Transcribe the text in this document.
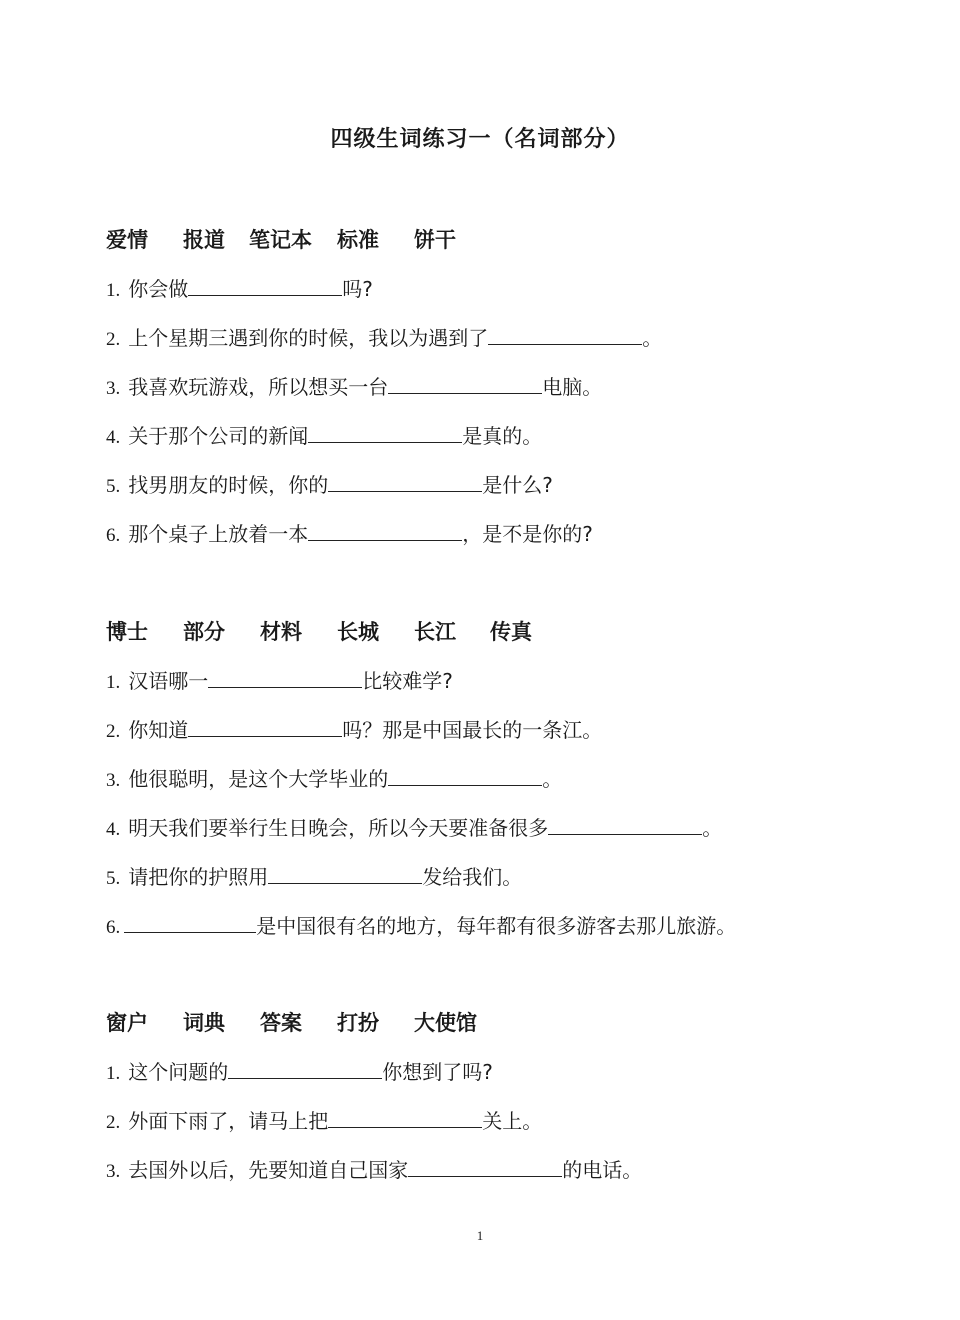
四级生词练习一（名词部分）
爱情 报道 笔记本 标准 饼干
1. 你会做	吗?
2. 上个星期三遇到你的时候，我以为遇到了	。
3. 我喜欢玩游戏，所以想买一台	电脑。
4. 关于那个公司的新闻	是真的。
5. 找男朋友的时候，你的	是什么?
6. 那个桌子上放着一本	，是不是你的?
博士 部分 材料 长城 长江 传真
1. 汉语哪一	比较难学?
2. 你知道	吗？那是中国最长的一条江。
3. 他很聪明，是这个大学毕业的	。
4. 明天我们要举行生日晚会，所以今天要准备很多	。
5. 请把你的护照用	发给我们。
6.	是中国很有名的地方，每年都有很多游客去那儿旅游。
窗户 词典 答案 打扮 大使馆
1. 这个问题的	你想到了吗?
2. 外面下雨了，请马上把	关上。
3. 去国外以后，先要知道自己国家	的电话。
1
